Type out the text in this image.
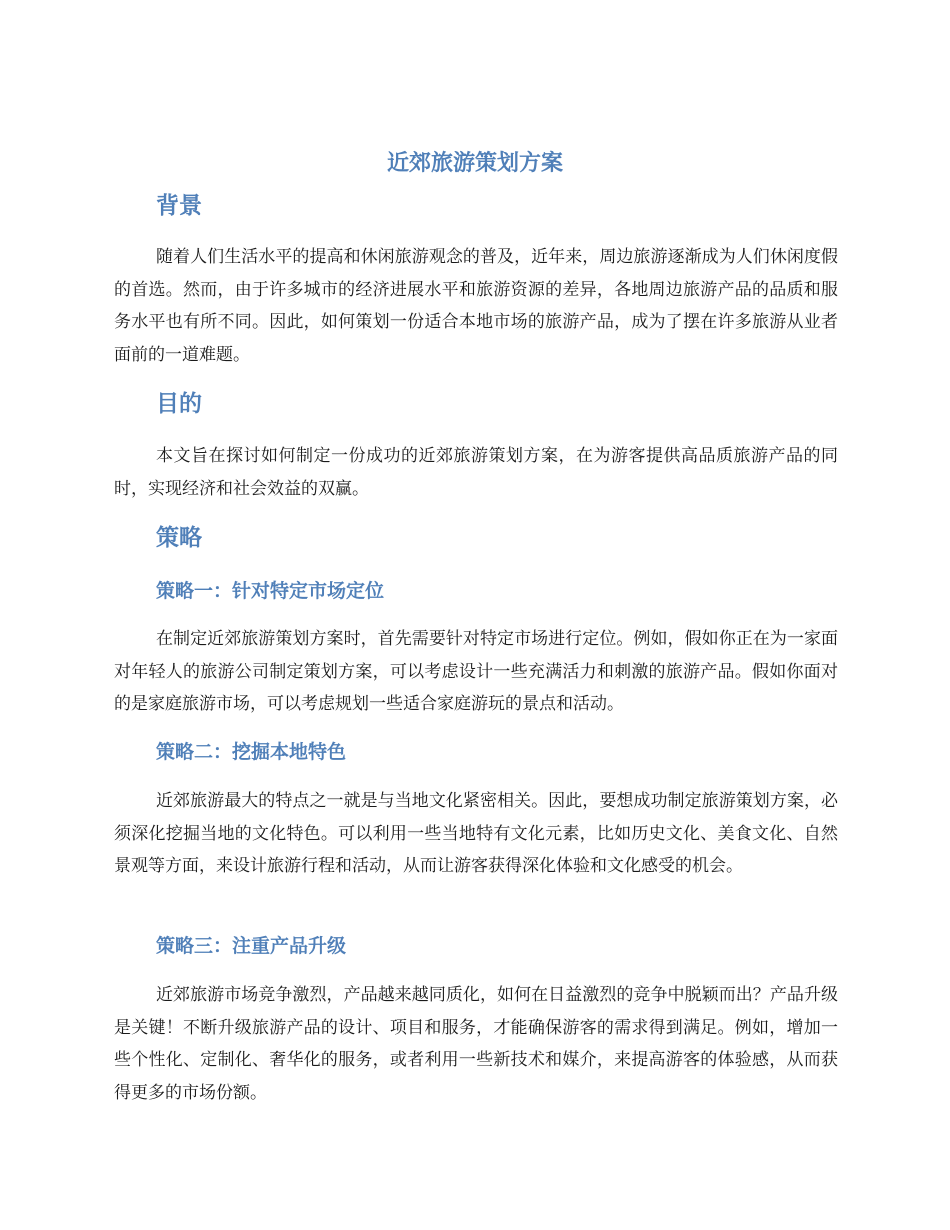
近郊旅游策划方案
背景

随着人们生活水平的提高和休闲旅游观念的普及，近年来，周边旅游逐渐成为人们休闲度假的首选。然而，由于许多城市的经济进展水平和旅游资源的差异，各地周边旅游产品的品质和服务水平也有所不同。因此，如何策划一份适合本地市场的旅游产品，成为了摆在许多旅游从业者面前的一道难题。

目的

本文旨在探讨如何制定一份成功的近郊旅游策划方案，在为游客提供高品质旅游产品的同时，实现经济和社会效益的双赢。

策略
策略一：针对特定市场定位

在制定近郊旅游策划方案时，首先需要针对特定市场进行定位。例如，假如你正在为一家面对年轻人的旅游公司制定策划方案，可以考虑设计一些充满活力和刺激的旅游产品。假如你面对的是家庭旅游市场，可以考虑规划一些适合家庭游玩的景点和活动。

策略二：挖掘本地特色

近郊旅游最大的特点之一就是与当地文化紧密相关。因此，要想成功制定旅游策划方案，必须深化挖掘当地的文化特色。可以利用一些当地特有文化元素，比如历史文化、美食文化、自然景观等方面，来设计旅游行程和活动，从而让游客获得深化体验和文化感受的机会。

策略三：注重产品升级

近郊旅游市场竞争激烈，产品越来越同质化，如何在日益激烈的竞争中脱颖而出？产品升级是关键！不断升级旅游产品的设计、项目和服务，才能确保游客的需求得到满足。例如，增加一些个性化、定制化、奢华化的服务，或者利用一些新技术和媒介，来提高游客的体验感，从而获得更多的市场份额。
